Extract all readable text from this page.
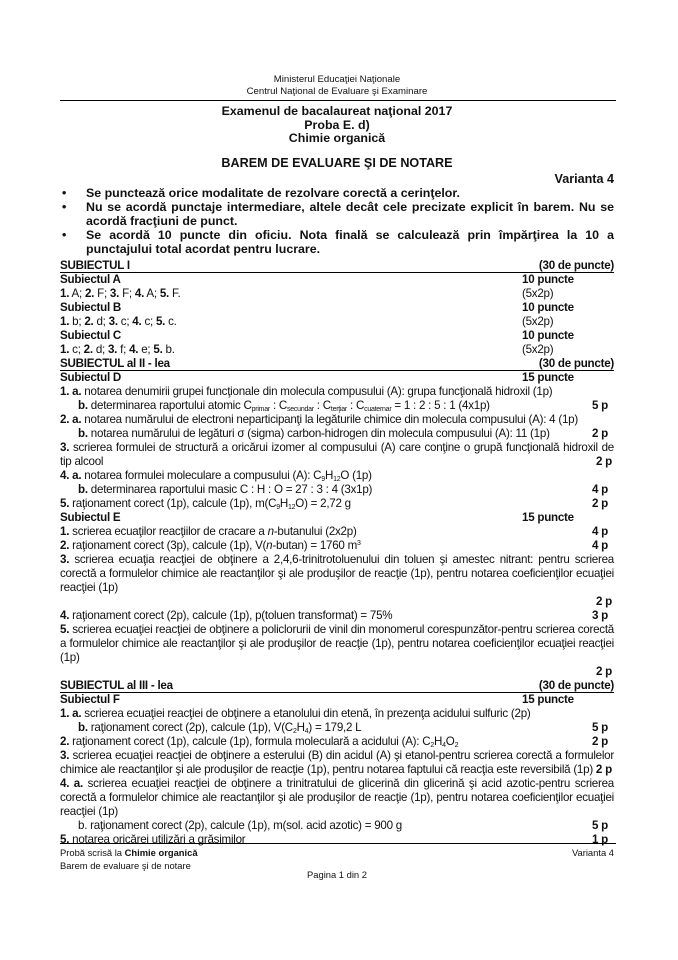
Ministerul Educaţiei Naţionale
Centrul Naţional de Evaluare şi Examinare
Examenul de bacalaureat naţional 2017
Proba E. d)
Chimie organică
BAREM DE EVALUARE ŞI DE NOTARE
Varianta 4
• Se punctează orice modalitate de rezolvare corectă a cerinţelor.
• Nu se acordă punctaje intermediare, altele decât cele precizate explicit în barem. Nu se acordă fracţiuni de punct.
• Se acordă 10 puncte din oficiu. Nota finală se calculează prin împărţirea la 10 a punctajului total acordat pentru lucrare.
SUBIECTUL I	(30 de puncte)
Subiectul A	10 puncte
1. A; 2. F; 3. F; 4. A; 5. F.	(5x2p)
Subiectul B	10 puncte
1. b; 2. d; 3. c; 4. c; 5. c.	(5x2p)
Subiectul C	10 puncte
1. c; 2. d; 3. f; 4. e; 5. b.	(5x2p)
SUBIECTUL al II - lea	(30 de puncte)
Subiectul D	15 puncte
1. a. notarea denumirii grupei funcţionale din molecula compusului (A): grupa funcţională hidroxil (1p)
b. determinarea raportului atomic $C_{primar}$ : $C_{secundar}$ : $C_{terţiar}$ : $C_{cuaternar} = 1$ : 2 : 5 : 1 (4x1p)	5 p
2. a. notarea numărului de electroni neparticipanţi la legăturile chimice din molecula compusului (A): 4 (1p)
b. notarea numărului de legături σ (sigma) carbon-hidrogen din molecula compusului (A): 11 (1p)	2 p
3. scrierea formulei de structură a oricărui izomer al compusului (A) care conţine o grupă funcţională hidroxil de tip alcool	2 p
4. a. notarea formulei moleculare a compusului (A): $C_9H_{12}O$ (1p)
b. determinarea raportului masic C : H : O = 27 : 3 : 4 (3x1p)	4 p
5. raţionament corect (1p), calcule (1p), $m(C_9H_{12}O) = 2,72$ g	2 p
Subiectul E	15 puncte
1. scrierea ecuaţilor reacţiilor de cracare a n-butanului (2x2p)	4 p
2. raţionament corect (3p), calcule (1p), V(n-butan) = 1760 $m^3$	4 p
3. scrierea ecuaţia reacţiei de obţinere a 2,4,6-trinitrotoluenului din toluen şi amestec nitrant: pentru scrierea corectă a formulelor chimice ale reactanţilor şi ale produşilor de reacţie (1p), pentru notarea coeficienţilor ecuaţiei reacţiei (1p)
2 p
4. raţionament corect (2p), calcule (1p), p(toluen transformat) = 75%	3 p
5. scrierea ecuaţiei reacţiei de obţinere a policlorurii de vinil din monomerul corespunzător-pentru scrierea corectă a formulelor chimice ale reactanţilor şi ale produşilor de reacţie (1p), pentru notarea coeficienţilor ecuaţiei reacţiei (1p)
2 p
SUBIECTUL al III - lea	(30 de puncte)
Subiectul F	15 puncte
1. a. scrierea ecuaţiei reacţiei de obţinere a etanolului din etenă, în prezenţa acidului sulfuric (2p)
b. raţionament corect (2p), calcule (1p), $V(C_2H_4) = 179,2$ L	5 p
2. raţionament corect (1p), calcule (1p), formula moleculară a acidului (A): $C_2H_4O_2$	2 p
3. scrierea ecuaţiei reacţiei de obţinere a esterului (B) din acidul (A) şi etanol-pentru scrierea corectă a formulelor chimice ale reactanţilor şi ale produşilor de reacţie (1p), pentru notarea faptului că reacţia este reversibilă (1p) 2 p
4. a. scrierea ecuaţiei reacţiei de obţinere a trinitratului de glicerină din glicerină şi acid azotic-pentru scrierea corectă a formulelor chimice ale reactanţilor şi ale produşilor de reacţie (1p), pentru notarea coeficienţilor ecuaţiei reacţiei (1p)
b. raţionament corect (2p), calcule (1p), m(sol. acid azotic) = 900 g	5 p
5. notarea oricărei utilizări a grăsimilor	1 p
Probă scrisă la Chimie organică
Barem de evaluare şi de notare
Varianta 4
Pagina 1 din 2
